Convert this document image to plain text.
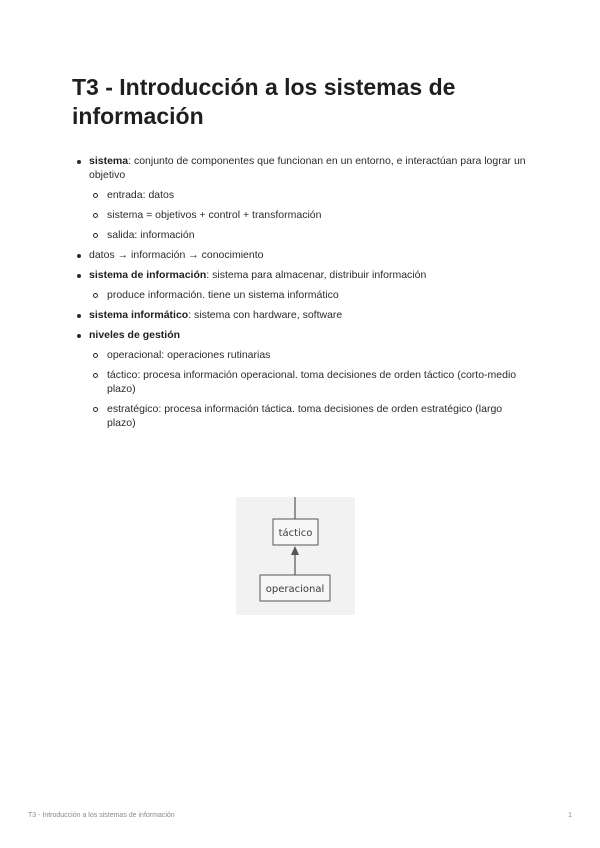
T3 - Introducción a los sistemas de información
sistema: conjunto de componentes que funcionan en un entorno, e interactúan para lograr un objetivo
entrada: datos
sistema = objetivos + control + transformación
salida: información
datos → información → conocimiento
sistema de información: sistema para almacenar, distribuir información
produce información. tiene un sistema informático
sistema informático: sistema con hardware, software
niveles de gestión
operacional: operaciones rutinarias
táctico: procesa información operacional. toma decisiones de orden táctico (corto-medio plazo)
estratégico: procesa información táctica. toma decisiones de orden estratégico (largo plazo)
táctico
operacional
T3 - Introducción a los sistemas de información	1
